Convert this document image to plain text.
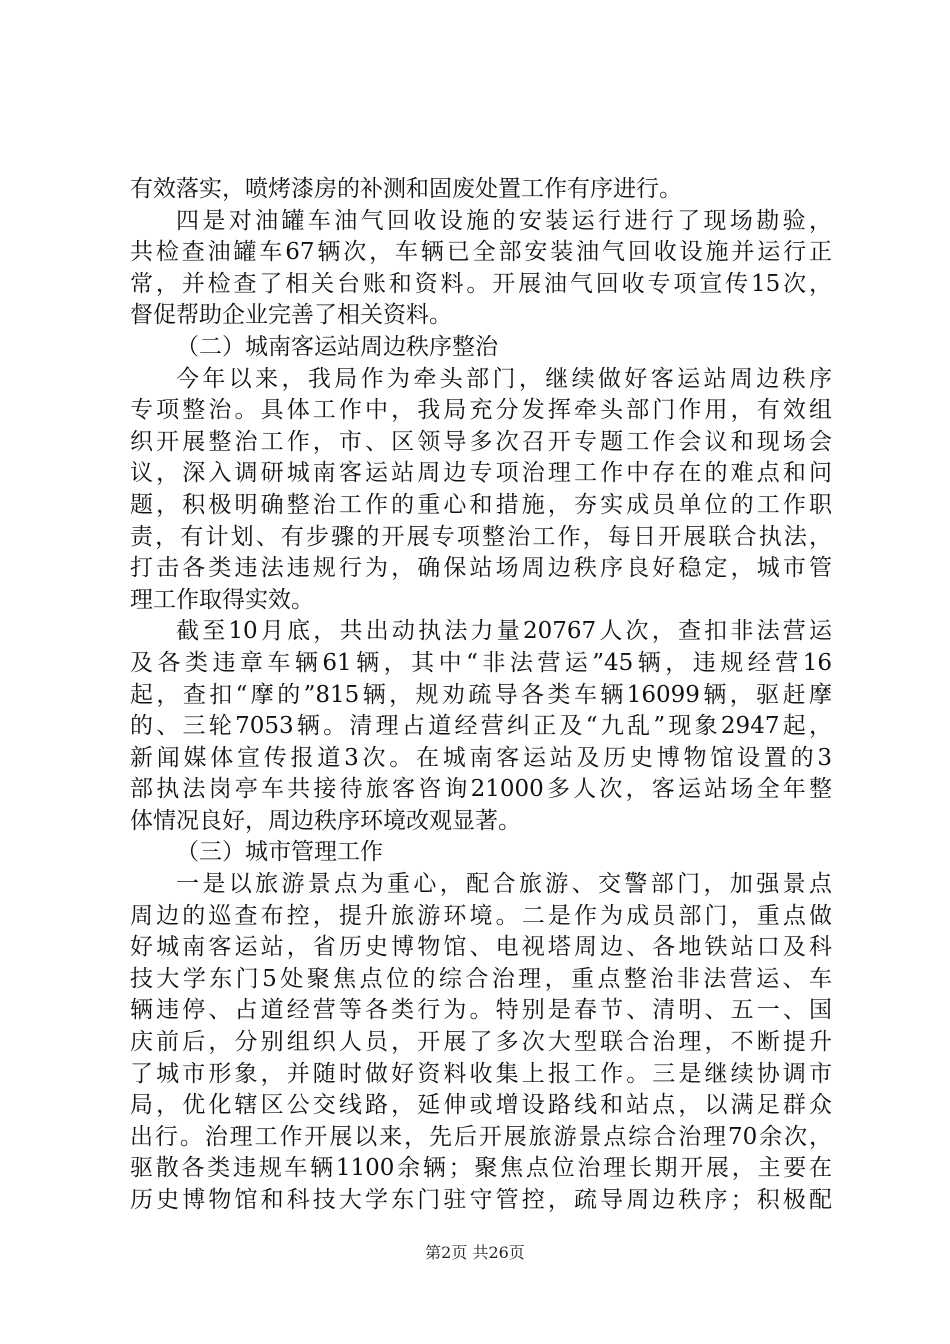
有效落实，喷烤漆房的补测和固废处置工作有序进行。
四是对油罐车油气回收设施的安装运行进行了现场勘验，
共检查油罐车67辆次，车辆已全部安装油气回收设施并运行正
常，并检查了相关台账和资料。开展油气回收专项宣传15次，
督促帮助企业完善了相关资料。
（二）城南客运站周边秩序整治
今年以来，我局作为牵头部门，继续做好客运站周边秩序
专项整治。具体工作中，我局充分发挥牵头部门作用，有效组
织开展整治工作，市、区领导多次召开专题工作会议和现场会
议，深入调研城南客运站周边专项治理工作中存在的难点和问
题，积极明确整治工作的重心和措施，夯实成员单位的工作职
责，有计划、有步骤的开展专项整治工作，每日开展联合执法，
打击各类违法违规行为，确保站场周边秩序良好稳定，城市管
理工作取得实效。
截至10月底，共出动执法力量20767人次，查扣非法营运
及各类违章车辆61辆，其中“非法营运”45辆，违规经营16
起，查扣“摩的”815辆，规劝疏导各类车辆16099辆，驱赶摩
的、三轮7053辆。清理占道经营纠正及“九乱”现象2947起，
新闻媒体宣传报道3次。在城南客运站及历史博物馆设置的3
部执法岗亭车共接待旅客咨询21000多人次，客运站场全年整
体情况良好，周边秩序环境改观显著。
（三）城市管理工作
一是以旅游景点为重心，配合旅游、交警部门，加强景点
周边的巡查布控，提升旅游环境。二是作为成员部门，重点做
好城南客运站，省历史博物馆、电视塔周边、各地铁站口及科
技大学东门5处聚焦点位的综合治理，重点整治非法营运、车
辆违停、占道经营等各类行为。特别是春节、清明、五一、国
庆前后，分别组织人员，开展了多次大型联合治理，不断提升
了城市形象，并随时做好资料收集上报工作。三是继续协调市
局，优化辖区公交线路，延伸或增设路线和站点，以满足群众
出行。治理工作开展以来，先后开展旅游景点综合治理70余次，
驱散各类违规车辆1100余辆；聚焦点位治理长期开展，主要在
历史博物馆和科技大学东门驻守管控，疏导周边秩序；积极配
第2页 共26页
